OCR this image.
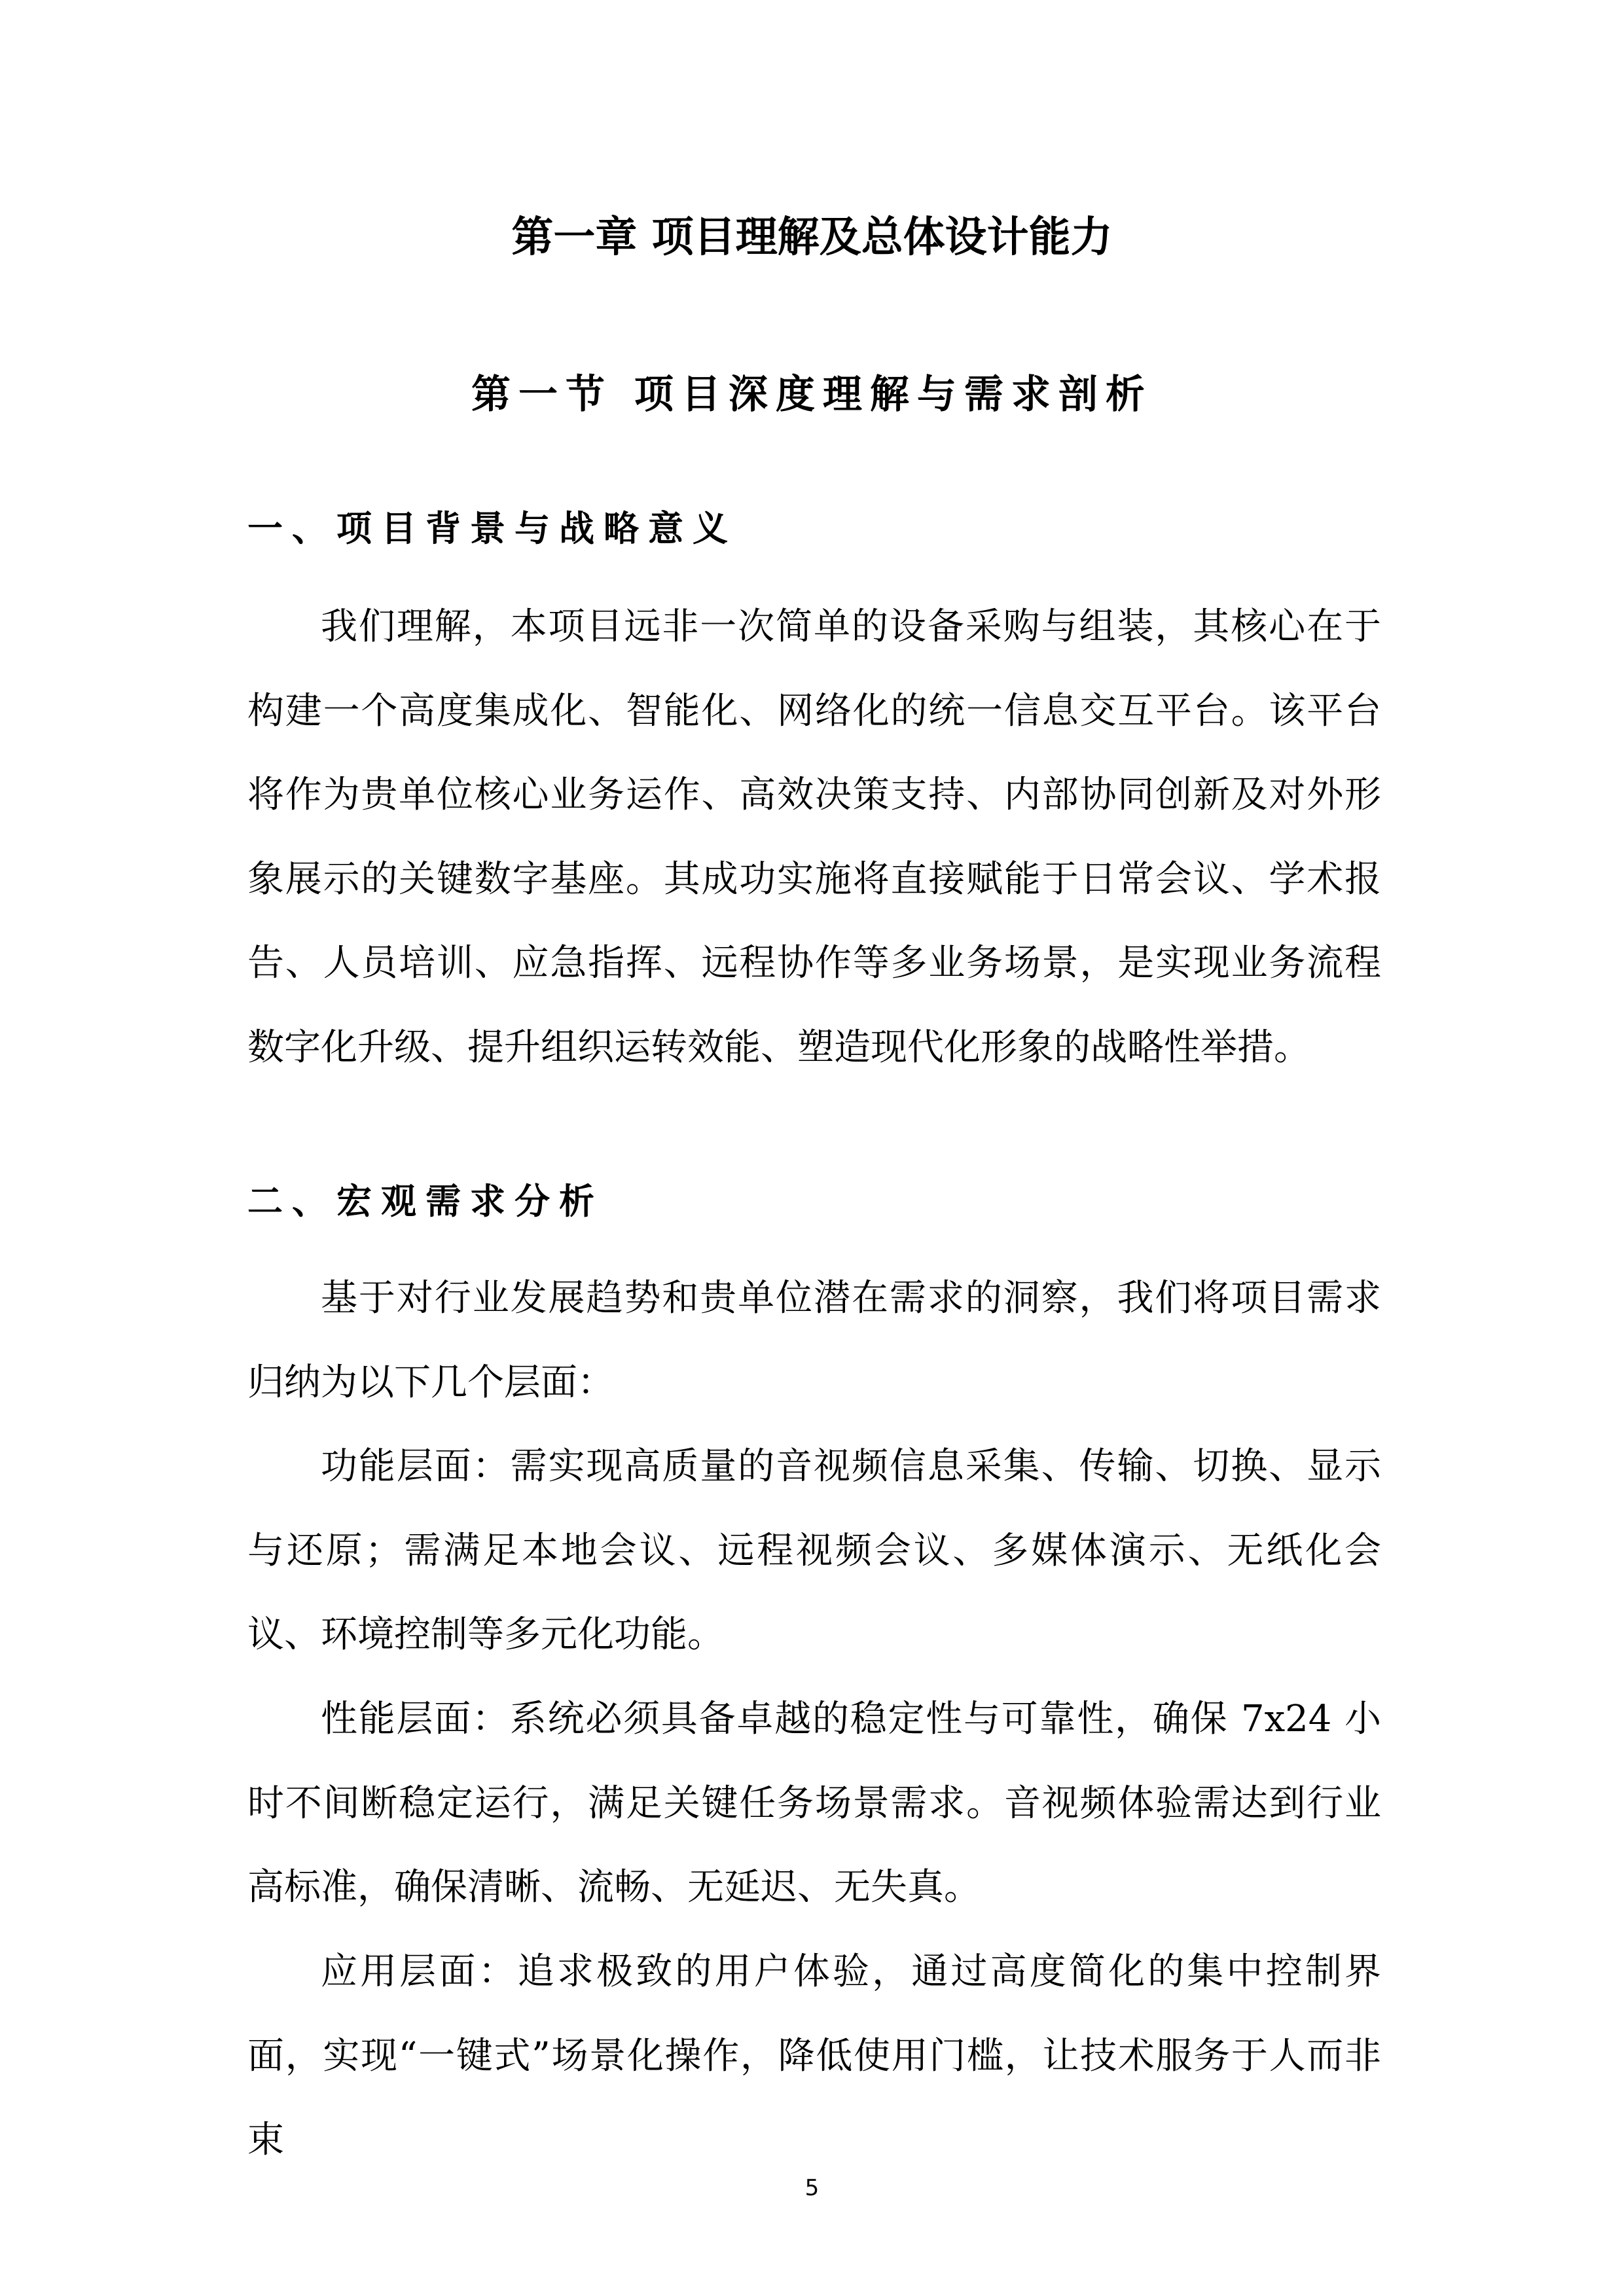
第一章 项目理解及总体设计能力
第一节 项目深度理解与需求剖析
一、项目背景与战略意义

我们理解，本项目远非一次简单的设备采购与组装，其核心在于构建一个高度集成化、智能化、网络化的统一信息交互平台。该平台将作为贵单位核心业务运作、高效决策支持、内部协同创新及对外形象展示的关键数字基座。其成功实施将直接赋能于日常会议、学术报告、人员培训、应急指挥、远程协作等多业务场景，是实现业务流程数字化升级、提升组织运转效能、塑造现代化形象的战略性举措。

二、宏观需求分析

基于对行业发展趋势和贵单位潜在需求的洞察，我们将项目需求归纳为以下几个层面：

功能层面：需实现高质量的音视频信息采集、传输、切换、显示与还原；需满足本地会议、远程视频会议、多媒体演示、无纸化会议、环境控制等多元化功能。

性能层面：系统必须具备卓越的稳定性与可靠性，确保 7x24 小时不间断稳定运行，满足关键任务场景需求。音视频体验需达到行业高标准，确保清晰、流畅、无延迟、无失真。

应用层面：追求极致的用户体验，通过高度简化的集中控制界面，实现“一键式”场景化操作，降低使用门槛，让技术服务于人而非束

5
